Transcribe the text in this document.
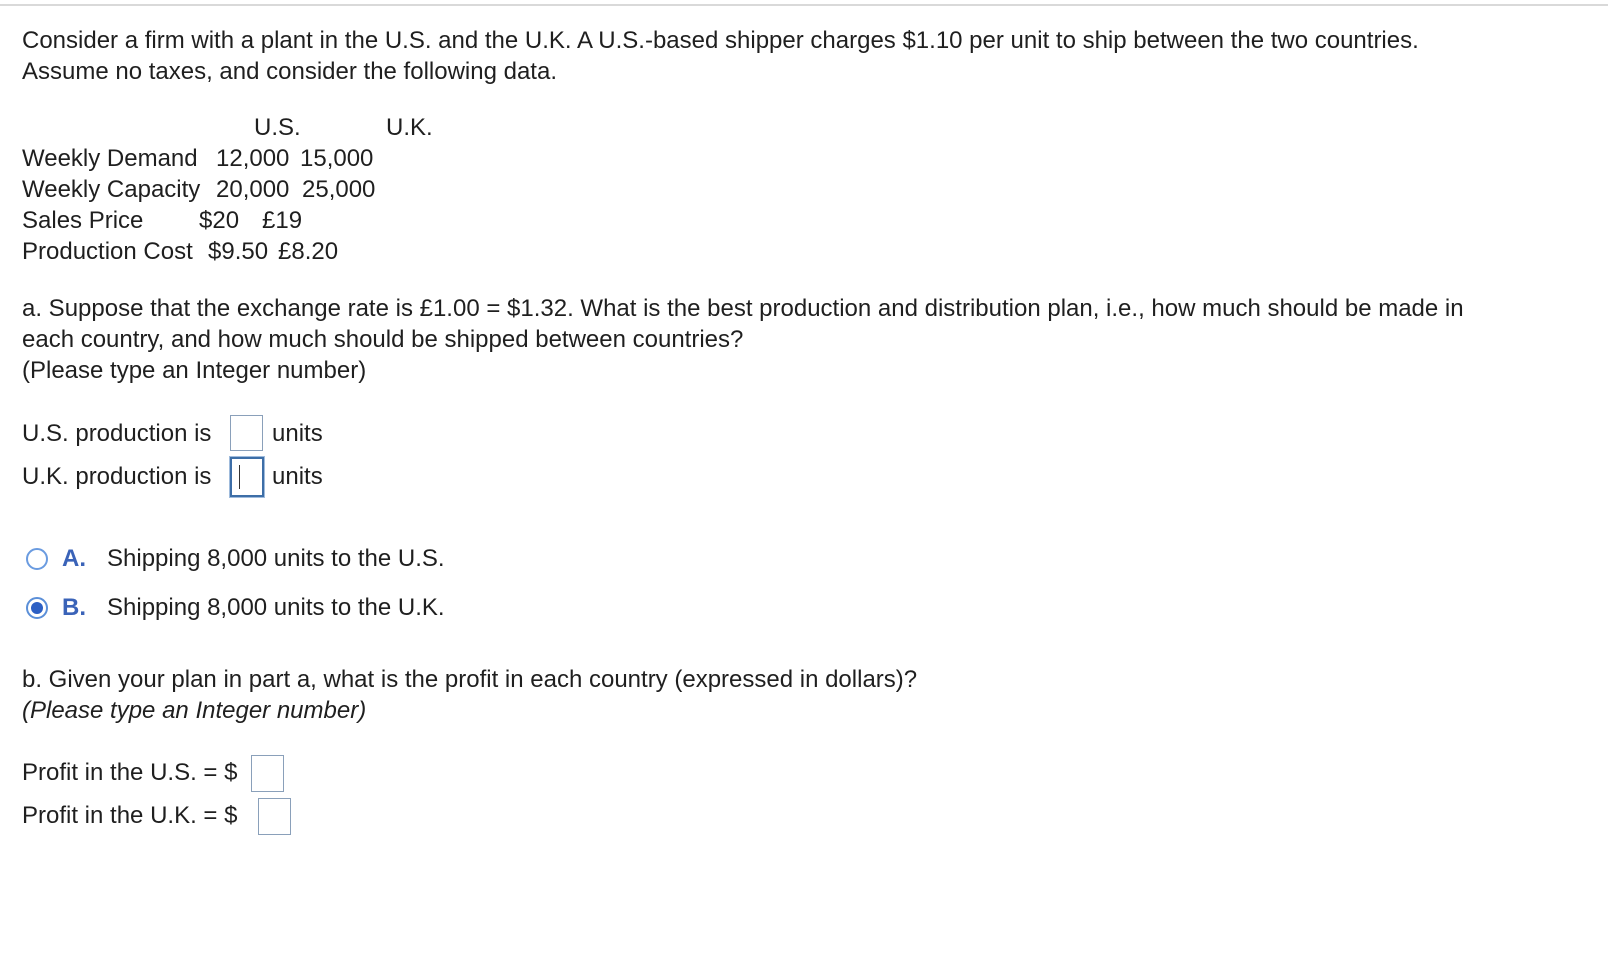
Consider a firm with a plant in the U.S. and the U.K. A U.S.-based shipper charges $1.10 per unit to ship between the two countries.
Assume no taxes, and consider the following data.
U.S.	U.K.
Weekly Demand 12,000 15,000
Weekly Capacity 20,000 25,000
Sales Price $20 £19
Production Cost $9.50 £8.20
a. Suppose that the exchange rate is £1.00 = $1.32. What is the best production and distribution plan, i.e., how much should be made in
each country, and how much should be shipped between countries?
(Please type an Integer number)
U.S. production is	units
U.K. production is	units
A. Shipping 8,000 units to the U.S.
B. Shipping 8,000 units to the U.K.
b. Given your plan in part a, what is the profit in each country (expressed in dollars)?
(Please type an Integer number)
Profit in the U.S. = $
Profit in the U.K. = $
